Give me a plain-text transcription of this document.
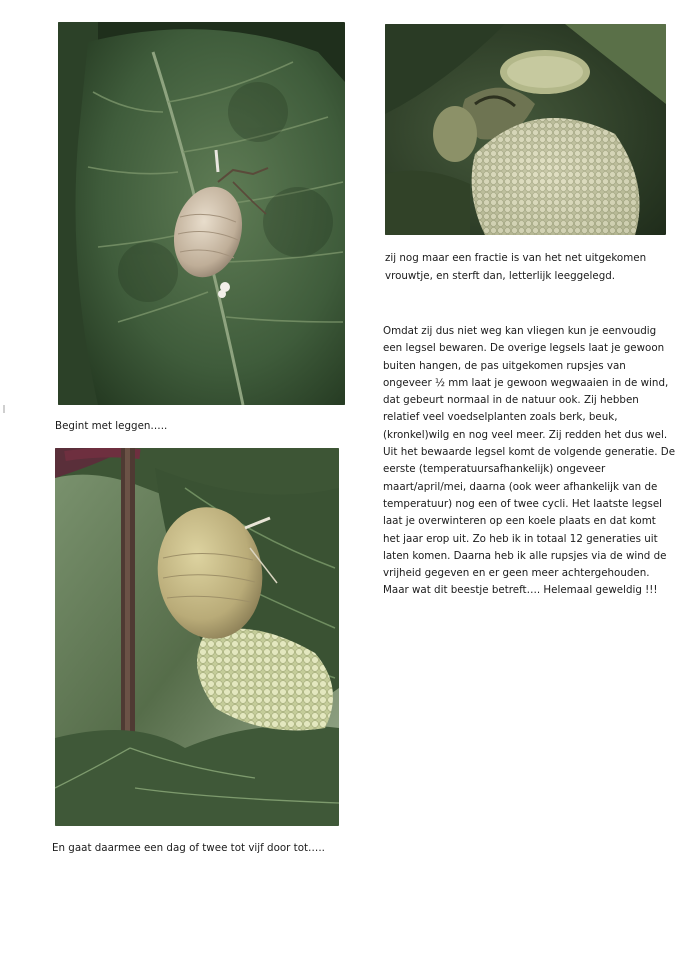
Begint met leggen…..
zij nog maar een fractie is van het net uitgekomen
vrouwtje, en sterft dan, letterlijk leeggelegd.
En gaat daarmee een dag of twee tot vijf door tot…..
Omdat zij dus niet weg kan vliegen kun je eenvoudig
een legsel bewaren. De overige legsels laat je gewoon
buiten hangen, de pas uitgekomen rupsjes van
ongeveer ½ mm laat je gewoon wegwaaien in de wind,
dat gebeurt normaal in de natuur ook. Zij hebben
relatief veel voedselplanten zoals berk, beuk,
(kronkel)wilg en nog veel meer. Zij redden het dus wel.
Uit het bewaarde legsel komt de volgende generatie. De
eerste (temperatuursafhankelijk) ongeveer
maart/april/mei, daarna (ook weer afhankelijk van de
temperatuur) nog een of twee cycli. Het laatste legsel
laat je overwinteren op een koele plaats en dat komt
het jaar erop uit. Zo heb ik in totaal 12 generaties uit
laten komen. Daarna heb ik alle rupsjes via de wind de
vrijheid gegeven en er geen meer achtergehouden.
Maar wat dit beestje betreft…. Helemaal geweldig !!!
